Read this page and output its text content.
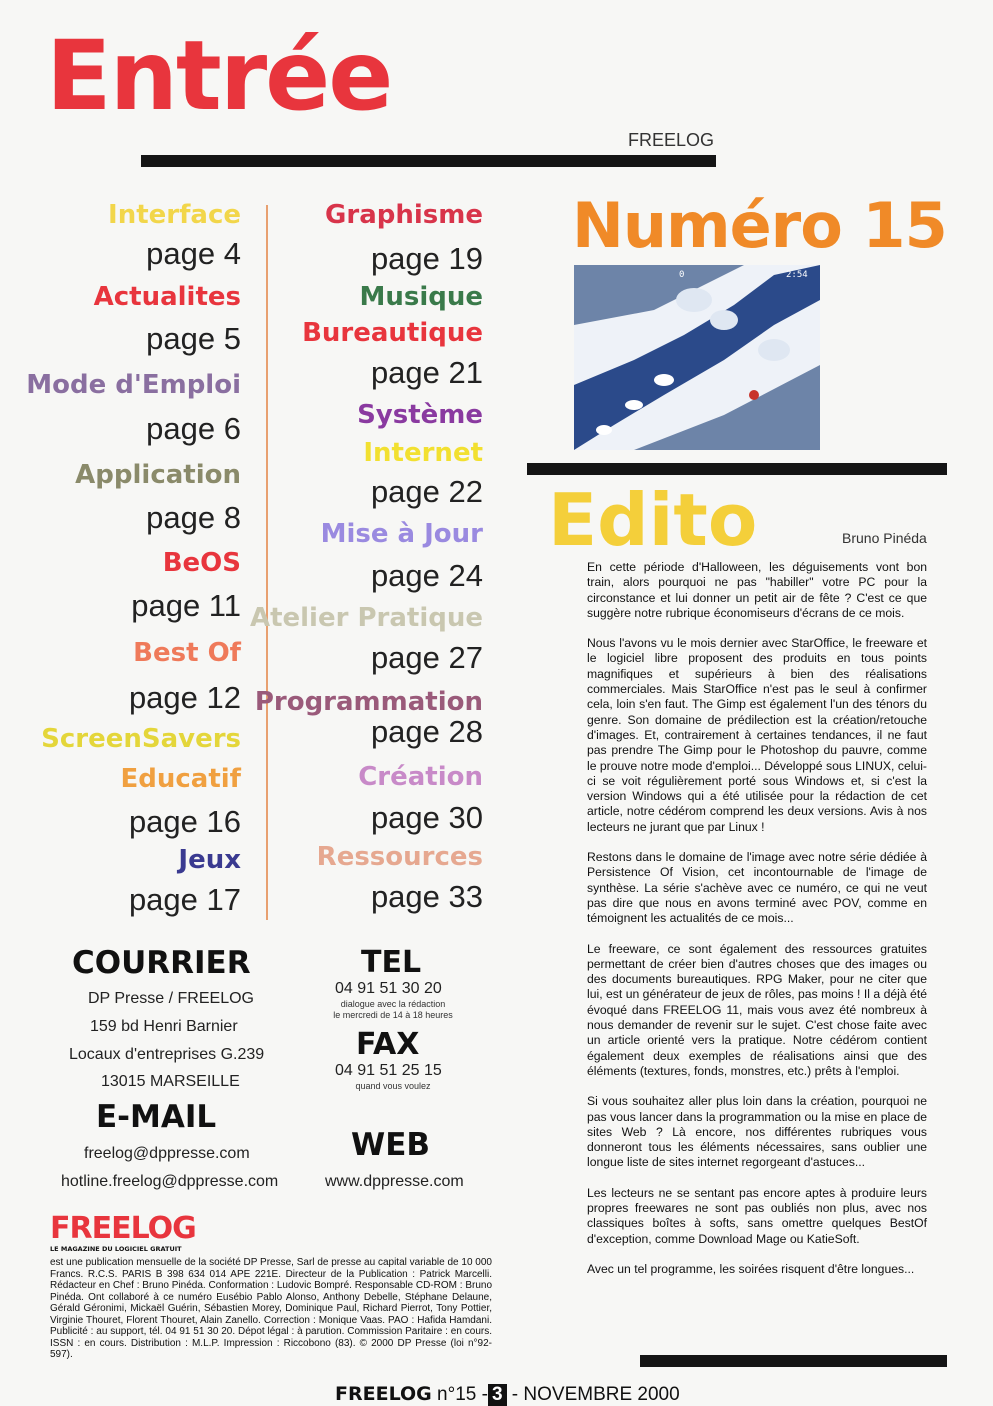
Entrée
FREELOG
Interface
page 4
Actualites
page 5
Mode d'Emploi
page 6
Application
page 8
BeOS
page 11
Best Of
page 12
ScreenSavers
Educatif
page 16
Jeux
page 17
Graphisme
page 19
Musique
Bureautique
page 21
Système
Internet
page 22
Mise à Jour
page 24
Atelier Pratique
page 27
Programmation
page 28
Création
page 30
Ressources
page 33
Numéro 15
2:54
0
Edito	Bruno Pinéda

En cette période d'Halloween, les déguisements vont bon train, alors pourquoi ne pas "habiller" votre PC pour la circonstance et lui donner un petit air de fête ? C'est ce que suggère notre rubrique économiseurs d'écrans de ce mois.

Nous l'avons vu le mois dernier avec StarOffice, le freeware et le logiciel libre proposent des produits en tous points magnifiques et supérieurs à bien des réalisations commerciales. Mais StarOffice n'est pas le seul à confirmer cela, loin s'en faut. The Gimp est également l'un des ténors du genre. Son domaine de prédilection est la création/retouche d'images. Et, contrairement à certaines tendances, il ne faut pas prendre The Gimp pour le Photoshop du pauvre, comme le prouve notre mode d'emploi... Développé sous LINUX, celui-ci se voit régulièrement porté sous Windows et, si c'est la version Windows qui a été utilisée pour la rédaction de cet article, notre cédérom comprend les deux versions. Avis à nos lecteurs ne jurant que par Linux !

Restons dans le domaine de l'image avec notre série dédiée à Persistence Of Vision, cet incontournable de l'image de synthèse. La série s'achève avec ce numéro, ce qui ne veut pas dire que nous en avons terminé avec POV, comme en témoignent les actualités de ce mois...

Le freeware, ce sont également des ressources gratuites permettant de créer bien d'autres choses que des images ou des documents bureautiques. RPG Maker, pour ne citer que lui, est un générateur de jeux de rôles, pas moins ! Il a déjà été évoqué dans FREELOG 11, mais vous avez été nombreux à nous demander de revenir sur le sujet. C'est chose faite avec un article orienté vers la pratique. Notre cédérom contient également deux exemples de réalisations ainsi que des éléments (textures, fonds, monstres, etc.) prêts à l'emploi.

Si vous souhaitez aller plus loin dans la création, pourquoi ne pas vous lancer dans la programmation ou la mise en place de sites Web ? Là encore, nos différentes rubriques vous donneront tous les éléments nécessaires, sans oublier une longue liste de sites internet regorgeant d'astuces...

Les lecteurs ne se sentant pas encore aptes à produire leurs propres freewares ne sont pas oubliés non plus, avec nos classiques boîtes à softs, sans omettre quelques BestOf d'exception, comme Download Mage ou KatieSoft.

Avec un tel programme, les soirées risquent d'être longues...

COURRIER
DP Presse / FREELOG
159 bd Henri Barnier
Locaux d'entreprises G.239
13015 MARSEILLE
E-MAIL
freelog@dppresse.com
hotline.freelog@dppresse.com
TEL
04 91 51 30 20
dialogue avec la rédaction
le mercredi de 14 à 18 heures
FAX
04 91 51 25 15
quand vous voulez
WEB
www.dppresse.com
FREELOG
LE MAGAZINE DU LOGICIEL GRATUIT
est une publication mensuelle de la société DP Presse, Sarl de presse au capital variable de 10 000 Francs. R.C.S. PARIS B 398 634 014 APE 221E. Directeur de la Publication : Patrick Marcelli. Rédacteur en Chef : Bruno Pinéda. Conformation : Ludovic Bompré. Responsable CD-ROM : Bruno Pinéda. Ont collaboré à ce numéro Eusébio Pablo Alonso, Anthony Debelle, Stéphane Delaune, Gérald Géronimi, Mickaël Guérin, Sébastien Morey, Dominique Paul, Richard Pierrot, Tony Pottier, Virginie Thouret, Florent Thouret, Alain Zanello. Correction : Monique Vaas. PAO : Hafida Hamdani. Publicité : au support, tél. 04 91 51 30 20. Dépot légal : à parution. Commission Paritaire : en cours. ISSN : en cours. Distribution : M.L.P. Impression : Riccobono (83). © 2000 DP Presse (loi n°92-597).
FREELOG n°15 - 3 - NOVEMBRE 2000
